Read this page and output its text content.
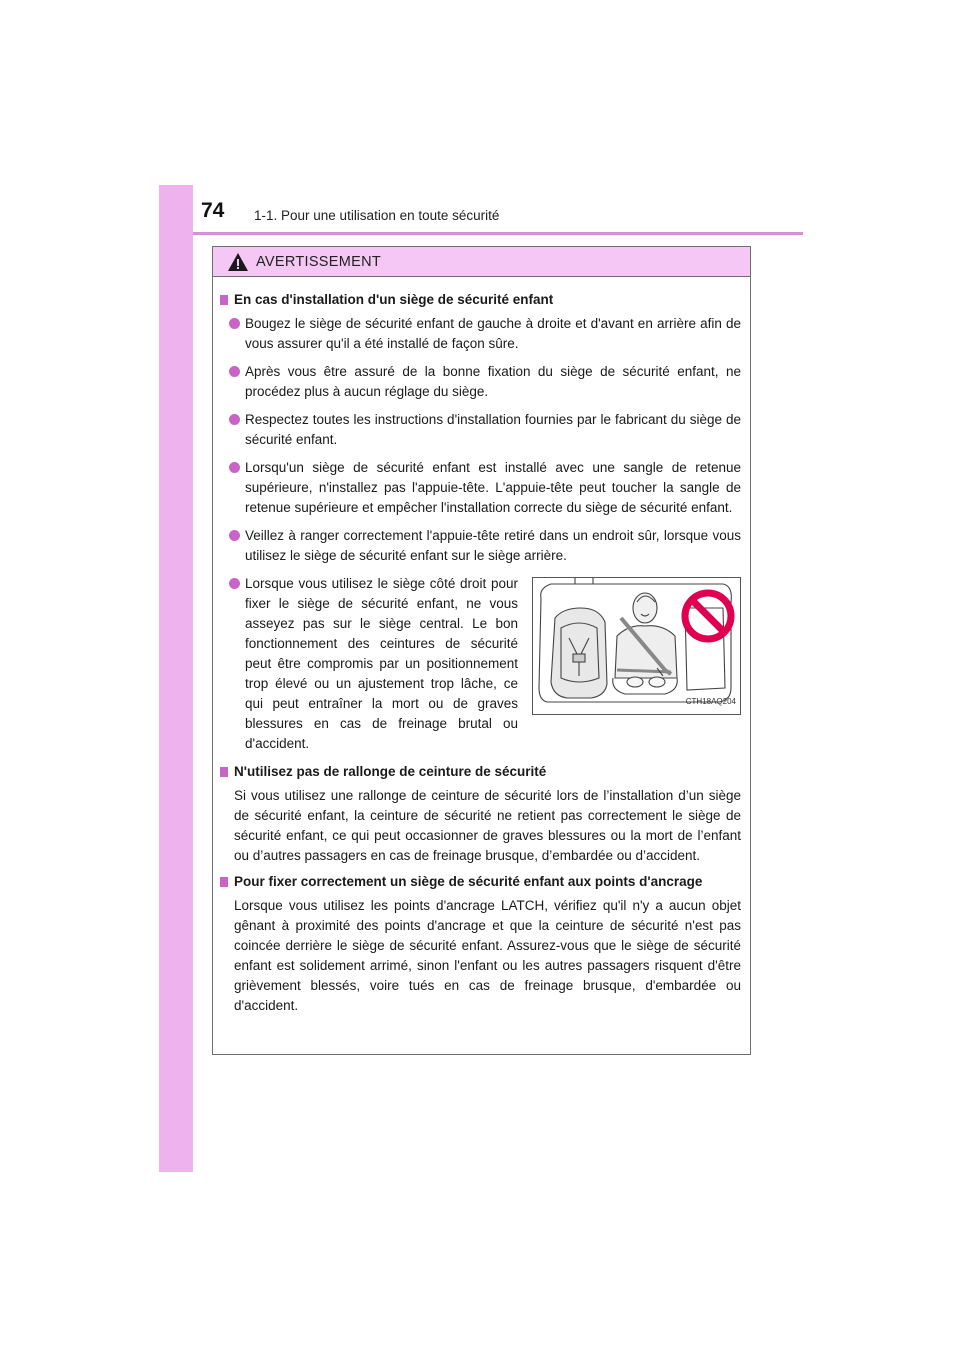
74 1-1. Pour une utilisation en toute sécurité
AVERTISSEMENT
En cas d'installation d'un siège de sécurité enfant
Bougez le siège de sécurité enfant de gauche à droite et d'avant en arrière afin de vous assurer qu'il a été installé de façon sûre.
Après vous être assuré de la bonne fixation du siège de sécurité enfant, ne procédez plus à aucun réglage du siège.
Respectez toutes les instructions d'installation fournies par le fabricant du siège de sécurité enfant.
Lorsqu'un siège de sécurité enfant est installé avec une sangle de retenue supérieure, n'installez pas l'appuie-tête. L'appuie-tête peut toucher la sangle de retenue supérieure et empêcher l'installation correcte du siège de sécurité enfant.
Veillez à ranger correctement l'appuie-tête retiré dans un endroit sûr, lorsque vous utilisez le siège de sécurité enfant sur le siège arrière.
Lorsque vous utilisez le siège côté droit pour fixer le siège de sécurité enfant, ne vous asseyez pas sur le siège central. Le bon fonctionnement des ceintures de sécurité peut être compromis par un positionnement trop élevé ou un ajustement trop lâche, ce qui peut entraîner la mort ou de graves blessures en cas de freinage brutal ou d'accident.
CTH18AQ204
N'utilisez pas de rallonge de ceinture de sécurité
Si vous utilisez une rallonge de ceinture de sécurité lors de l’installation d’un siège de sécurité enfant, la ceinture de sécurité ne retient pas correctement le siège de sécurité enfant, ce qui peut occasionner de graves blessures ou la mort de l’enfant ou d’autres passagers en cas de freinage brusque, d’embardée ou d’accident.
Pour fixer correctement un siège de sécurité enfant aux points d'ancrage
Lorsque vous utilisez les points d'ancrage LATCH, vérifiez qu'il n'y a aucun objet gênant à proximité des points d'ancrage et que la ceinture de sécurité n'est pas coincée derrière le siège de sécurité enfant. Assurez-vous que le siège de sécurité enfant est solidement arrimé, sinon l'enfant ou les autres passagers risquent d'être grièvement blessés, voire tués en cas de freinage brusque, d'embardée ou d'accident.
